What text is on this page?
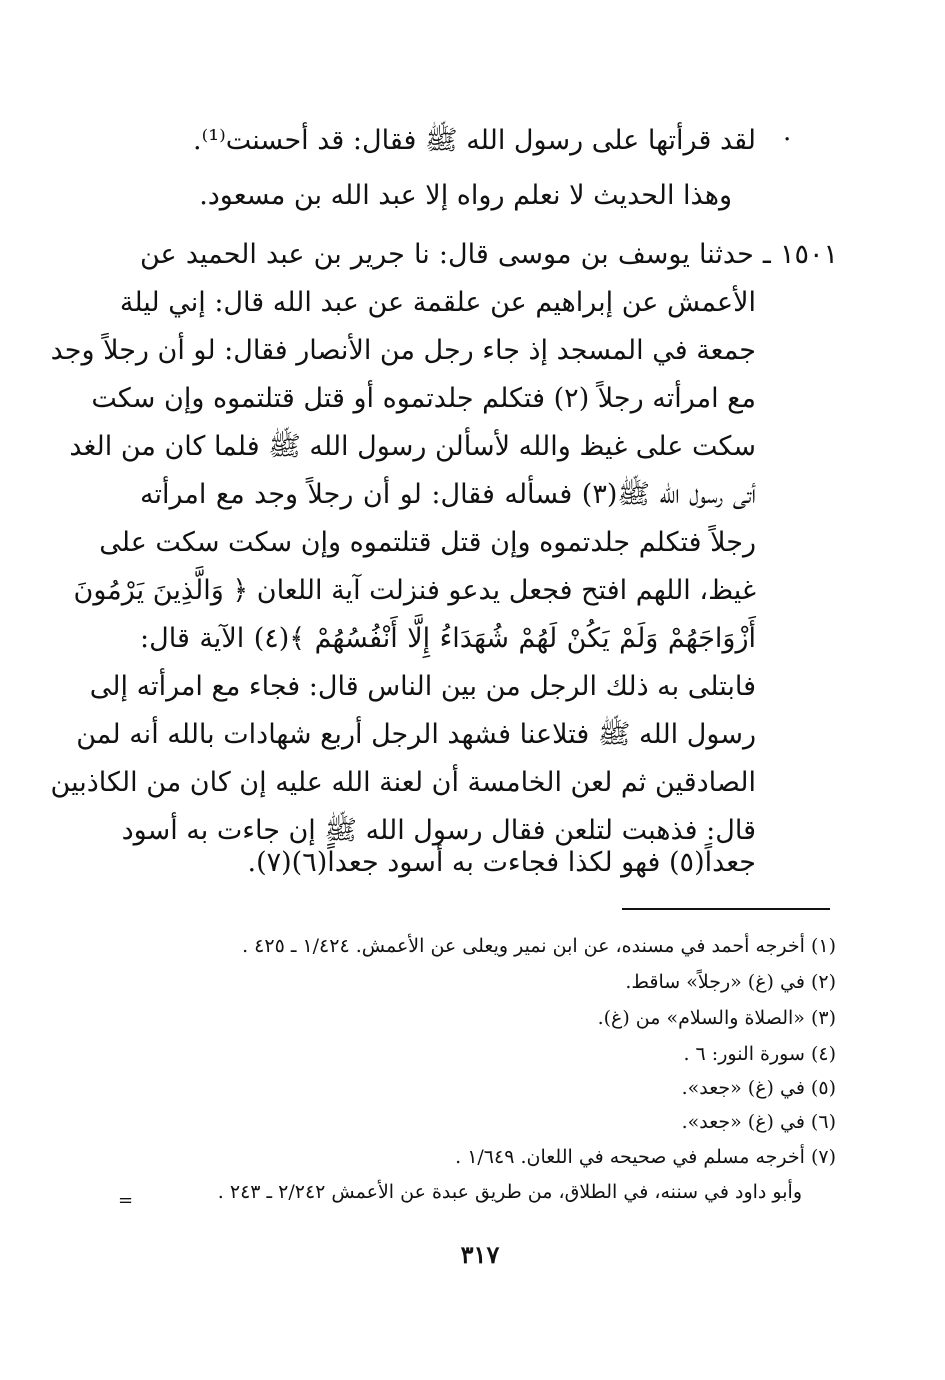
.
لقد قرأتها على رسول الله ﷺ فقال: قد أحسنت⁽¹⁾.
وهذا الحديث لا نعلم رواه إلا عبد الله بن مسعود.
١٥٠١ ـ حدثنا يوسف بن موسى قال: نا جرير بن عبد الحميد عن
الأعمش عن إبراهيم عن علقمة عن عبد الله قال: إني ليلة
جمعة في المسجد إذ جاء رجل من الأنصار فقال: لو أن رجلاً وجد
مع امرأته رجلاً (٢) فتكلم جلدتموه أو قتل قتلتموه وإن سكت
سكت على غيظ والله لأسألن رسول الله ﷺ فلما كان من الغد
أتى رسول الله ﷺ(٣) فسأله فقال: لو أن رجلاً وجد مع امرأته
رجلاً فتكلم جلدتموه وإن قتل قتلتموه وإن سكت سكت على
غيظ، اللهم افتح فجعل يدعو فنزلت آية اللعان ﴿ وَالَّذِينَ يَرْمُونَ
أَزْوَاجَهُمْ وَلَمْ يَكُنْ لَهُمْ شُهَدَاءُ إِلَّا أَنْفُسُهُمْ ﴾(٤) الآية قال:
فابتلى به ذلك الرجل من بين الناس قال: فجاء مع امرأته إلى
رسول الله ﷺ فتلاعنا فشهد الرجل أربع شهادات بالله أنه لمن
الصادقين ثم لعن الخامسة أن لعنة الله عليه إن كان من الكاذبين
قال: فذهبت لتلعن فقال رسول الله ﷺ إن جاءت به أسود
جعداً(٥) فهو لكذا فجاءت به أسود جعداً(٦)(٧).
(١) أخرجه أحمد في مسنده، عن ابن نمير ويعلى عن الأعمش. ١/٤٢٤ ـ ٤٢٥ .
(٢) في (غ) «رجلاً» ساقط.
(٣) «الصلاة والسلام» من (غ).
(٤) سورة النور: ٦ .
(٥) في (غ) «جعد».
(٦) في (غ) «جعد».
(٧) أخرجه مسلم في صحيحه في اللعان. ١/٦٤٩ .
وأبو داود في سننه، في الطلاق، من طريق عبدة عن الأعمش ٢/٢٤٢ ـ ٢٤٣ .
=
٣١٧
